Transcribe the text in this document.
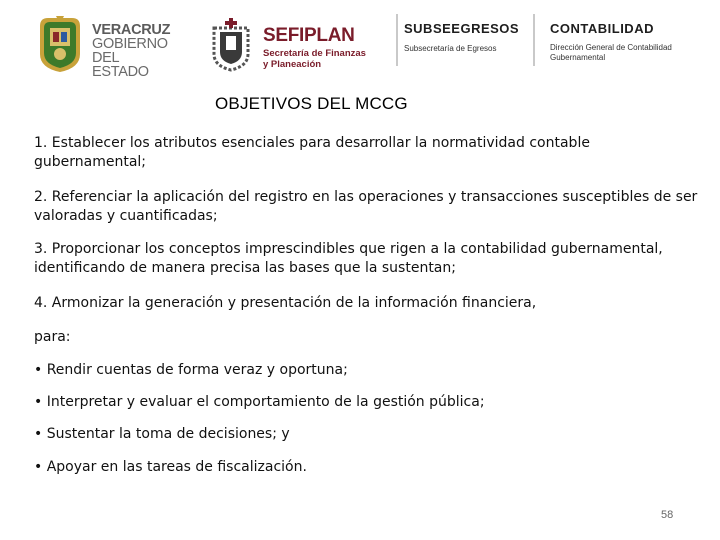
VERACRUZ
GOBIERNO
DEL ESTADO
SEFIPLAN
Secretaría de Finanzas
y Planeación
SUBSEEGRESOS
Subsecretaría de Egresos
CONTABILIDAD
Dirección General de Contabilidad
Gubernamental
OBJETIVOS DEL MCCG
1. Establecer los atributos esenciales para desarrollar la normatividad contable gubernamental;
2. Referenciar la aplicación del registro en las operaciones y transacciones susceptibles de ser valoradas y cuantificadas;
3. Proporcionar los conceptos imprescindibles que rigen a la contabilidad gubernamental, identificando de manera precisa las bases que la sustentan;
4. Armonizar la generación y presentación de la información financiera,
para:
• Rendir cuentas de forma veraz y oportuna;
• Interpretar y evaluar el comportamiento de la gestión pública;
• Sustentar la toma de decisiones; y
• Apoyar en las tareas de fiscalización.
58
